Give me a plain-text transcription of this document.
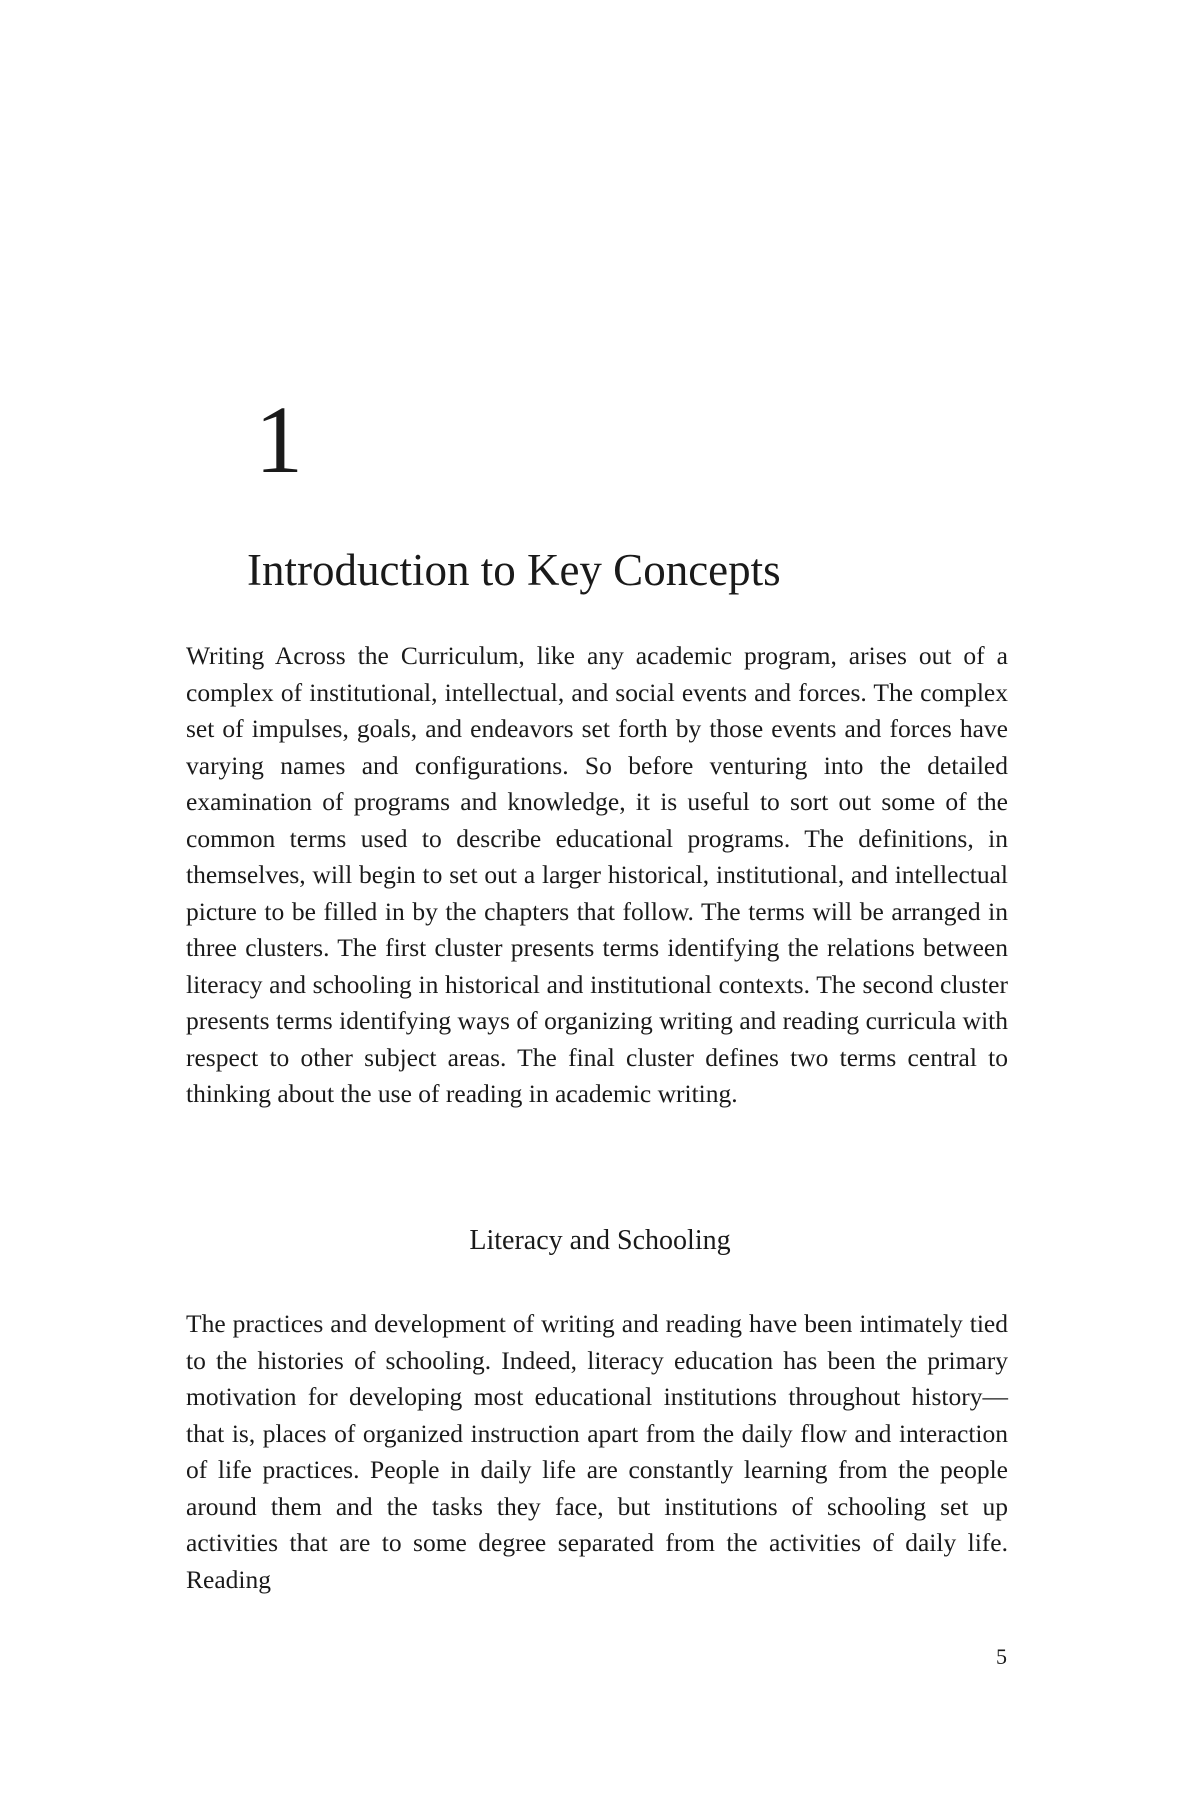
1
Introduction to Key Concepts

Writing Across the Curriculum, like any academic program, arises out of a complex of institutional, intellectual, and social events and forces. The complex set of impulses, goals, and endeavors set forth by those events and forces have varying names and configurations. So before venturing into the detailed examination of programs and knowledge, it is useful to sort out some of the common terms used to describe educational programs. The definitions, in themselves, will begin to set out a larger historical, institutional, and intellectual picture to be filled in by the chapters that follow. The terms will be arranged in three clusters. The first cluster presents terms identifying the relations between literacy and schooling in historical and institutional contexts. The second cluster presents terms identifying ways of organizing writing and reading curricula with respect to other subject areas. The final cluster defines two terms central to thinking about the use of reading in academic writing.

Literacy and Schooling

The practices and development of writing and reading have been intimately tied to the histories of schooling. Indeed, literacy education has been the primary motivation for developing most educational institutions throughout history—that is, places of organized instruction apart from the daily flow and interaction of life practices. People in daily life are constantly learning from the people around them and the tasks they face, but institutions of schooling set up activities that are to some degree separated from the activities of daily life. Reading

5
